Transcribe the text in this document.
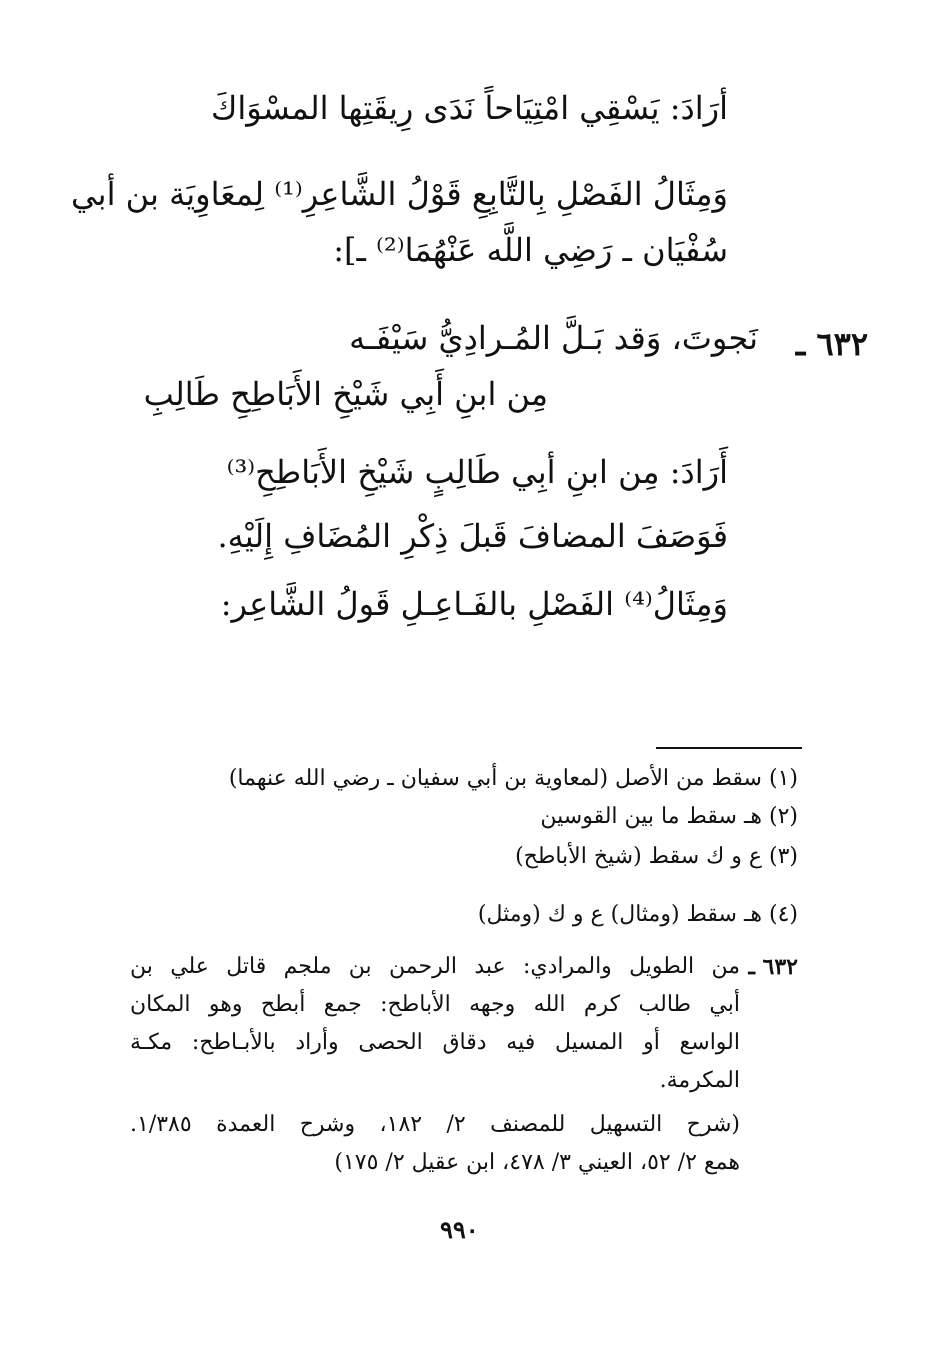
أرَادَ: يَسْقِي امْتِيَاحاً نَدَى رِيقَتِها المسْوَاكَ
وَمِثَالُ الفَصْلِ بِالتَّابِعِ قَوْلُ الشَّاعِرِ⁽¹⁾ لِمعَاوِيَة بن أبي
سُفْيَان ـ رَضِي اللَّه عَنْهُمَا⁽²⁾ ـ]:
٦٣٢ ـ
نَجوتَ، وَقد بَـلَّ المُـرادِيُّ سَيْفَـه
مِن ابنِ أَبِي شَيْخِ الأَبَاطِحِ طَالِبِ
أَرَادَ: مِن ابنِ أبِي طَالِبٍ شَيْخِ الأَبَاطِحِ⁽³⁾
فَوَصَفَ المضافَ قَبلَ ذِكْرِ المُضَافِ إِلَيْهِ.
وَمِثَالُ⁽⁴⁾ الفَصْلِ بالفَـاعِـلِ قَولُ الشَّاعِر:
(١) سقط من الأصل (لمعاوية بن أبي سفيان ـ رضي الله عنهما)
(٢) هـ سقط ما بين القوسين
(٣) ع و ك سقط (شيخ الأباطح)
(٤) هـ سقط (ومثال) ع و ك (ومثل)
٦٣٢ ـ
من الطويل والمرادي: عبد الرحمن بن ملجم قاتل علي بن
أبي طالب كرم الله وجهه الأباطح: جمع أبطح وهو المكان
الواسع أو المسيل فيه دقاق الحصى وأراد بالأبـاطح: مكـة
المكرمة.
(شرح التسهيل للمصنف ٢/ ١٨٢، وشرح العمدة ١/٣٨٥.
همع ٢/ ٥٢، العيني ٣/ ٤٧٨، ابن عقيل ٢/ ١٧٥)
٩٩٠
